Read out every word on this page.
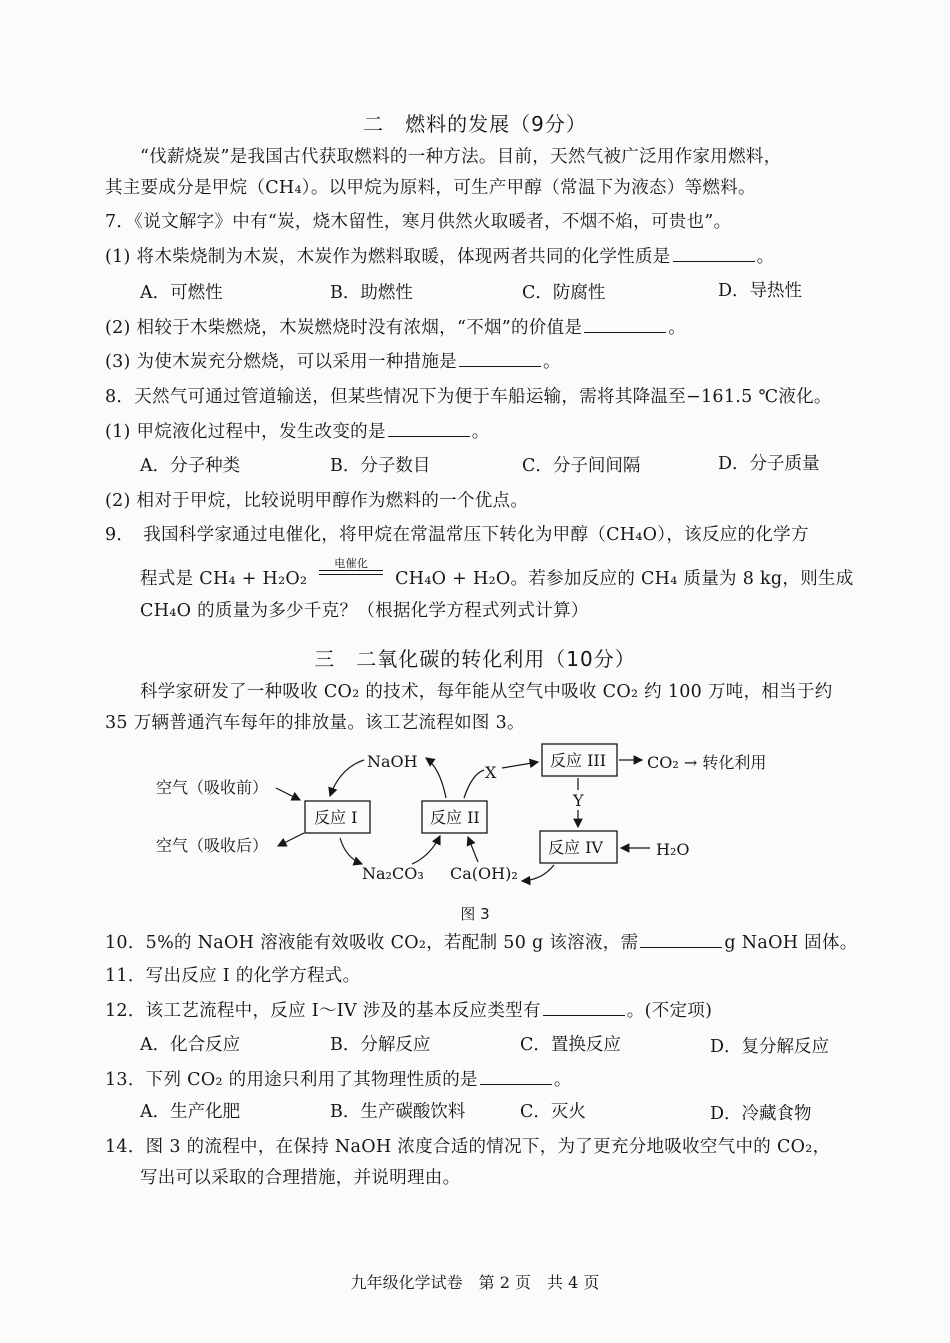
二　燃料的发展（9分）
“伐薪烧炭”是我国古代获取燃料的一种方法。目前，天然气被广泛用作家用燃料，
其主要成分是甲烷（CH₄）。以甲烷为原料，可生产甲醇（常温下为液态）等燃料。
7．《说文解字》中有“炭，烧木留性，寒月供然火取暖者，不烟不焰，可贵也”。
(1) 将木柴烧制为木炭，木炭作为燃料取暖，体现两者共同的化学性质是	。
A．可燃性	B．助燃性	C．防腐性	D．导热性
(2) 相较于木柴燃烧，木炭燃烧时没有浓烟，“不烟”的价值是	。
(3) 为使木炭充分燃烧，可以采用一种措施是	。
8．天然气可通过管道输送，但某些情况下为便于车船运输，需将其降温至−161.5 ℃液化。
(1) 甲烷液化过程中，发生改变的是	。
A．分子种类	B．分子数目	C．分子间间隔	D．分子质量
(2) 相对于甲烷，比较说明甲醇作为燃料的一个优点。
9．　我国科学家通过电催化，将甲烷在常温常压下转化为甲醇（CH₄O），该反应的化学方
程式是 CH₄ + H₂O₂
电催化
CH₄O + H₂O。若参加反应的 CH₄ 质量为 8 kg，则生成
CH₄O 的质量为多少千克？（根据化学方程式列式计算）
三　二氧化碳的转化利用（10分）
科学家研发了一种吸收 CO₂ 的技术，每年能从空气中吸收 CO₂ 约 100 万吨，相当于约
35 万辆普通汽车每年的排放量。该工艺流程如图 3。
空气（吸收前）
空气（吸收后）
反应 I	反应 II
反应 III
反应 IV
NaOH
X
CO₂ → 转化利用
Y
H₂O
Na₂CO₃ Ca(OH)₂
图 3
10．5%的 NaOH 溶液能有效吸收 CO₂，若配制 50 g 该溶液，需	g NaOH 固体。
11．写出反应 I 的化学方程式。
12．该工艺流程中，反应 I～IV 涉及的基本反应类型有	。(不定项)
A．化合反应	B．分解反应	C．置换反应	D．复分解反应
13．下列 CO₂ 的用途只利用了其物理性质的是	。
A．生产化肥	B．生产碳酸饮料	C．灭火	D．冷藏食物
14．图 3 的流程中，在保持 NaOH 浓度合适的情况下，为了更充分地吸收空气中的 CO₂，
写出可以采取的合理措施，并说明理由。
九年级化学试卷　第 2 页　共 4 页
